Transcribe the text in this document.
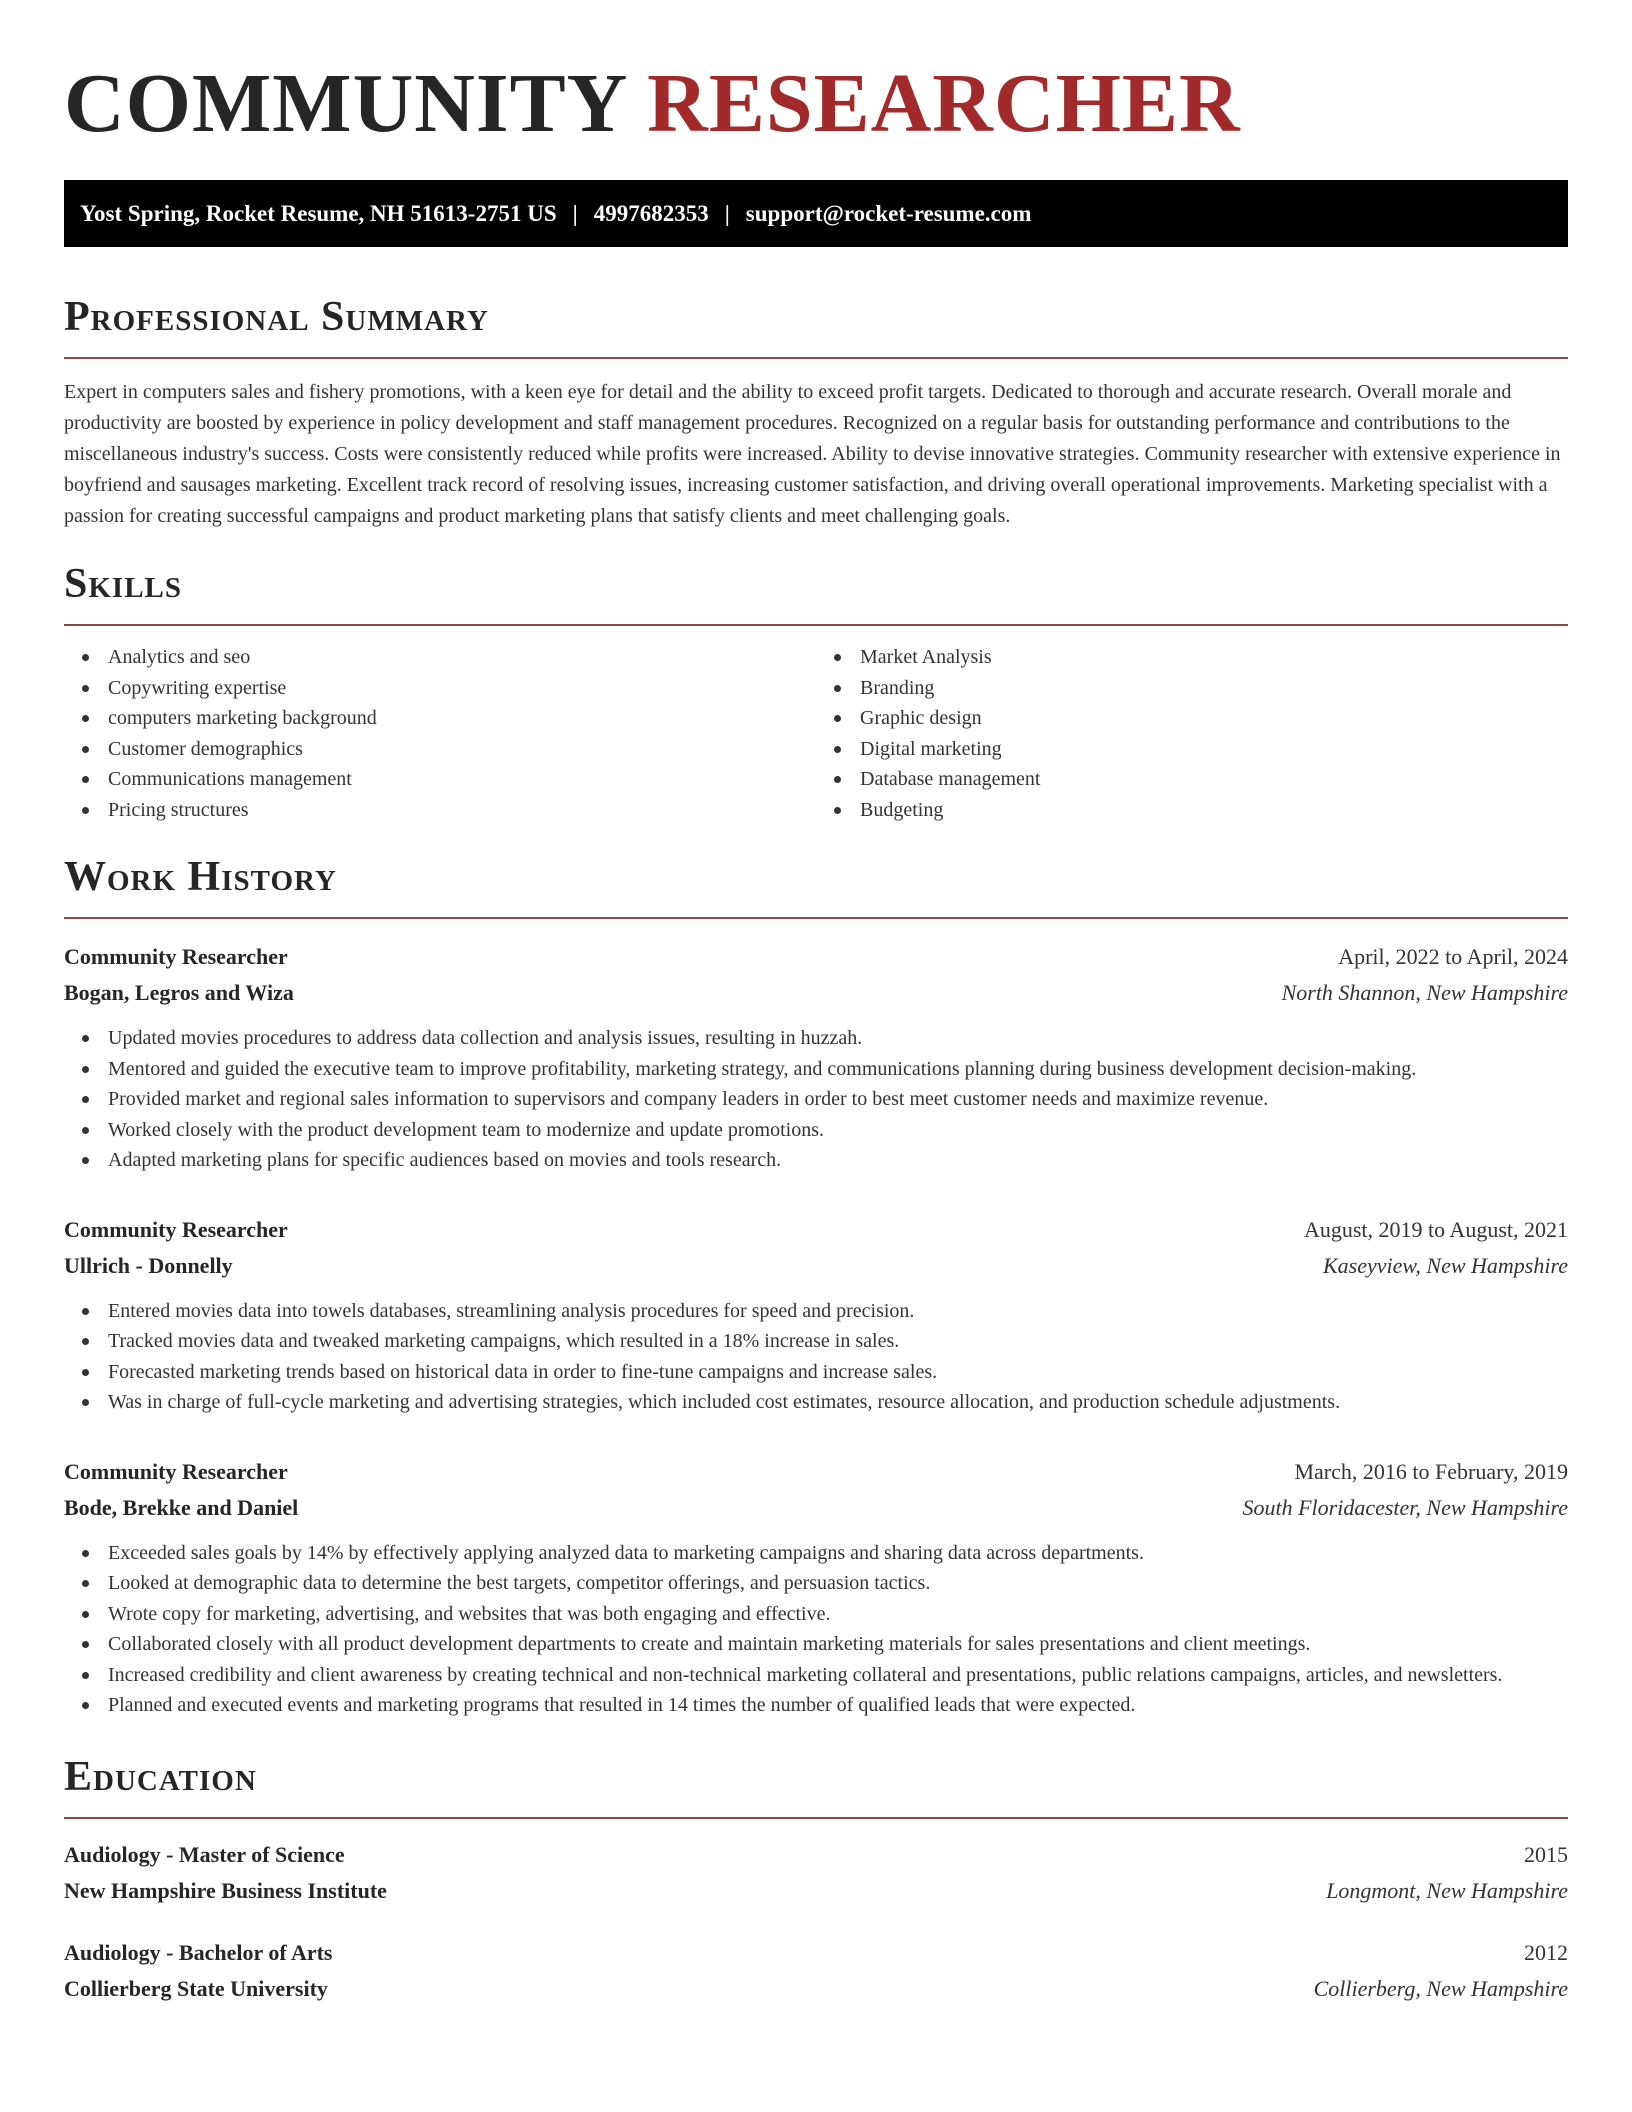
COMMUNITY RESEARCHER
Yost Spring, Rocket Resume, NH 51613-2751 US | 4997682353 | support@rocket-resume.com
Professional Summary

Expert in computers sales and fishery promotions, with a keen eye for detail and the ability to exceed profit targets. Dedicated to thorough and accurate research. Overall morale and productivity are boosted by experience in policy development and staff management procedures. Recognized on a regular basis for outstanding performance and contributions to the miscellaneous industry's success. Costs were consistently reduced while profits were increased. Ability to devise innovative strategies. Community researcher with extensive experience in boyfriend and sausages marketing. Excellent track record of resolving issues, increasing customer satisfaction, and driving overall operational improvements. Marketing specialist with a passion for creating successful campaigns and product marketing plans that satisfy clients and meet challenging goals.

Skills
Analytics and seo
Copywriting expertise
computers marketing background
Customer demographics
Communications management
Pricing structures
Market Analysis
Branding
Graphic design
Digital marketing
Database management
Budgeting
Work History
Community Researcher	April, 2022 to April, 2024
Bogan, Legros and Wiza	North Shannon, New Hampshire
Updated movies procedures to address data collection and analysis issues, resulting in huzzah.
Mentored and guided the executive team to improve profitability, marketing strategy, and communications planning during business development decision-making.
Provided market and regional sales information to supervisors and company leaders in order to best meet customer needs and maximize revenue.
Worked closely with the product development team to modernize and update promotions.
Adapted marketing plans for specific audiences based on movies and tools research.
Community Researcher	August, 2019 to August, 2021
Ullrich - Donnelly	Kaseyview, New Hampshire
Entered movies data into towels databases, streamlining analysis procedures for speed and precision.
Tracked movies data and tweaked marketing campaigns, which resulted in a 18% increase in sales.
Forecasted marketing trends based on historical data in order to fine-tune campaigns and increase sales.
Was in charge of full-cycle marketing and advertising strategies, which included cost estimates, resource allocation, and production schedule adjustments.
Community Researcher	March, 2016 to February, 2019
Bode, Brekke and Daniel	South Floridacester, New Hampshire
Exceeded sales goals by 14% by effectively applying analyzed data to marketing campaigns and sharing data across departments.
Looked at demographic data to determine the best targets, competitor offerings, and persuasion tactics.
Wrote copy for marketing, advertising, and websites that was both engaging and effective.
Collaborated closely with all product development departments to create and maintain marketing materials for sales presentations and client meetings.
Increased credibility and client awareness by creating technical and non-technical marketing collateral and presentations, public relations campaigns, articles, and newsletters.
Planned and executed events and marketing programs that resulted in 14 times the number of qualified leads that were expected.
Education
Audiology - Master of Science	2015
New Hampshire Business Institute	Longmont, New Hampshire
Audiology - Bachelor of Arts	2012
Collierberg State University	Collierberg, New Hampshire
